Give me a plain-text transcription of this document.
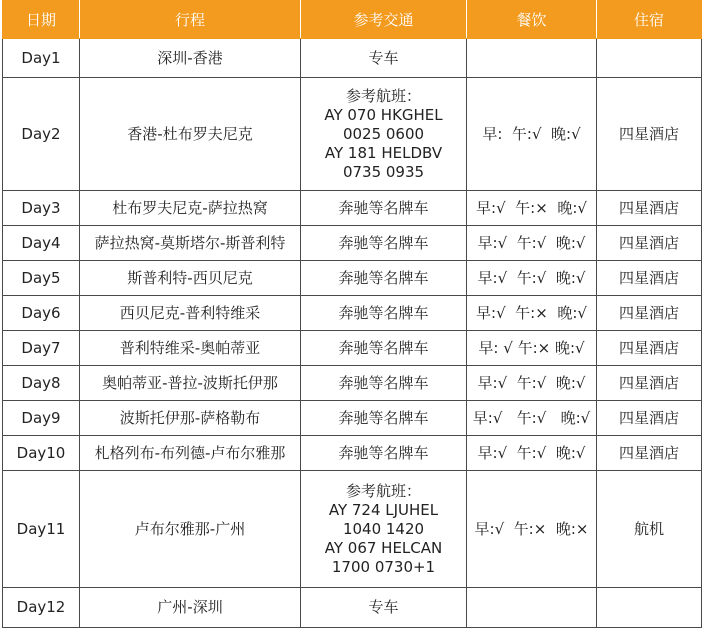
日期	行程	参考交通	餐饮	住宿
Day1	深圳-香港	专车		

Day2	香港-杜布罗夫尼克	参考航班：
AY 070 HKGHEL
0025 0600
AY 181 HELDBV
0735 0935	早:  午:√  晚:√	四星酒店
Day3	杜布罗夫尼克-萨拉热窝	奔驰等名牌车	早:√  午:×  晚:√	四星酒店
Day4	萨拉热窝-莫斯塔尔-斯普利特	奔驰等名牌车	早:√  午:√  晚:√	四星酒店
Day5	斯普利特-西贝尼克	奔驰等名牌车	早:√  午:√  晚:√	四星酒店
Day6	西贝尼克-普利特维采	奔驰等名牌车	早:√  午:×  晚:√	四星酒店
Day7	普利特维采-奥帕蒂亚	奔驰等名牌车	早: √ 午:× 晚:√	四星酒店
Day8	奥帕蒂亚-普拉-波斯托伊那	奔驰等名牌车	早:√  午:√  晚:√	四星酒店
Day9	波斯托伊那-萨格勒布	奔驰等名牌车	早:√   午:√   晚:√	四星酒店
Day10	札格列布-布列德-卢布尔雅那	奔驰等名牌车	早:√  午:√  晚:√	四星酒店
Day11	卢布尔雅那-广州	参考航班：
AY 724 LJUHEL
1040 1420
AY 067 HELCAN
1700 0730+1	早:√  午:×  晚:×	航机
Day12	广州-深圳	专车		
